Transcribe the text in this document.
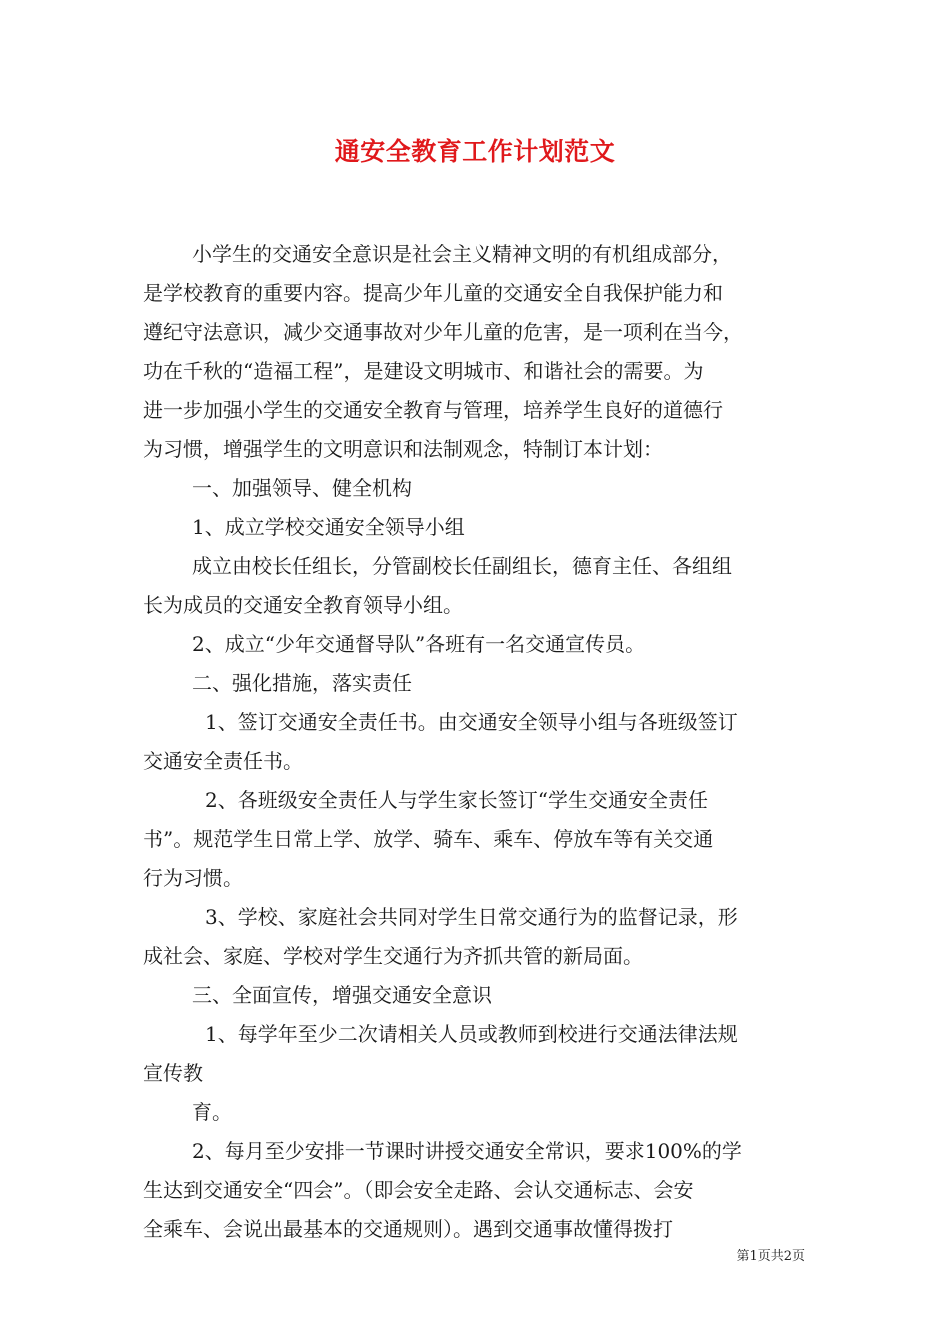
通安全教育工作计划范文

小学生的交通安全意识是社会主义精神文明的有机组成部分，

是学校教育的重要内容。提高少年儿童的交通安全自我保护能力和

遵纪守法意识，减少交通事故对少年儿童的危害，是一项利在当今，

功在千秋的“造福工程”，是建设文明城市、和谐社会的需要。为

进一步加强小学生的交通安全教育与管理，培养学生良好的道德行

为习惯，增强学生的文明意识和法制观念，特制订本计划：

一、加强领导、健全机构

1、成立学校交通安全领导小组

成立由校长任组长，分管副校长任副组长，德育主任、各组组

长为成员的交通安全教育领导小组。

2、成立“少年交通督导队”各班有一名交通宣传员。

二、强化措施，落实责任

1、签订交通安全责任书。由交通安全领导小组与各班级签订

交通安全责任书。

2、各班级安全责任人与学生家长签订“学生交通安全责任

书”。规范学生日常上学、放学、骑车、乘车、停放车等有关交通

行为习惯。

3、学校、家庭社会共同对学生日常交通行为的监督记录，形

成社会、家庭、学校对学生交通行为齐抓共管的新局面。

三、全面宣传，增强交通安全意识

1、每学年至少二次请相关人员或教师到校进行交通法律法规

宣传教

育。

2、每月至少安排一节课时讲授交通安全常识，要求100%的学

生达到交通安全“四会”。（即会安全走路、会认交通标志、会安

全乘车、会说出最基本的交通规则）。遇到交通事故懂得拨打

第1页共2页
